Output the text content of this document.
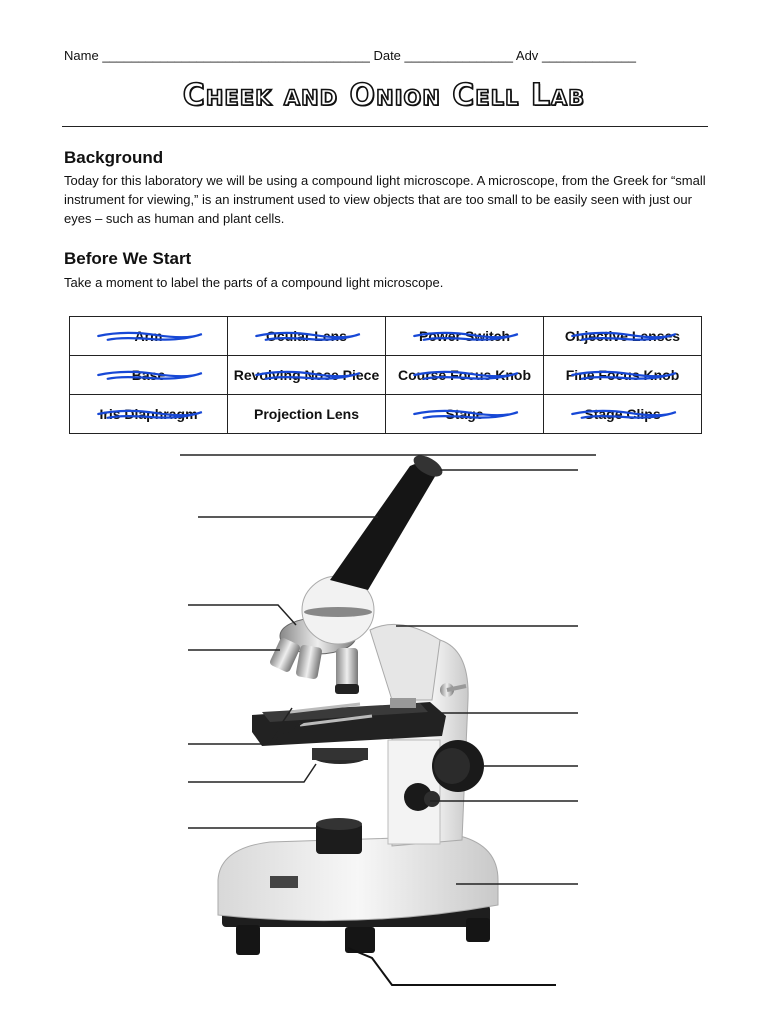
Name _____________________________________ Date _______________ Adv _____________
Cheek and Onion Cell Lab
Background
Today for this laboratory we will be using a compound light microscope. A microscope, from the Greek for “small instrument for viewing,” is an instrument used to view objects that are too small to be easily seen with just our eyes – such as human and plant cells.
Before We Start
Take a moment to label the parts of a compound light microscope.
Arm	Ocular Lens	Power Switch	Objective Lenses

Base	Revolving Nose Piece	Course Focus Knob	Fine Focus Knob

Iris Diaphragm	Projection Lens	Stage	Stage Clips
